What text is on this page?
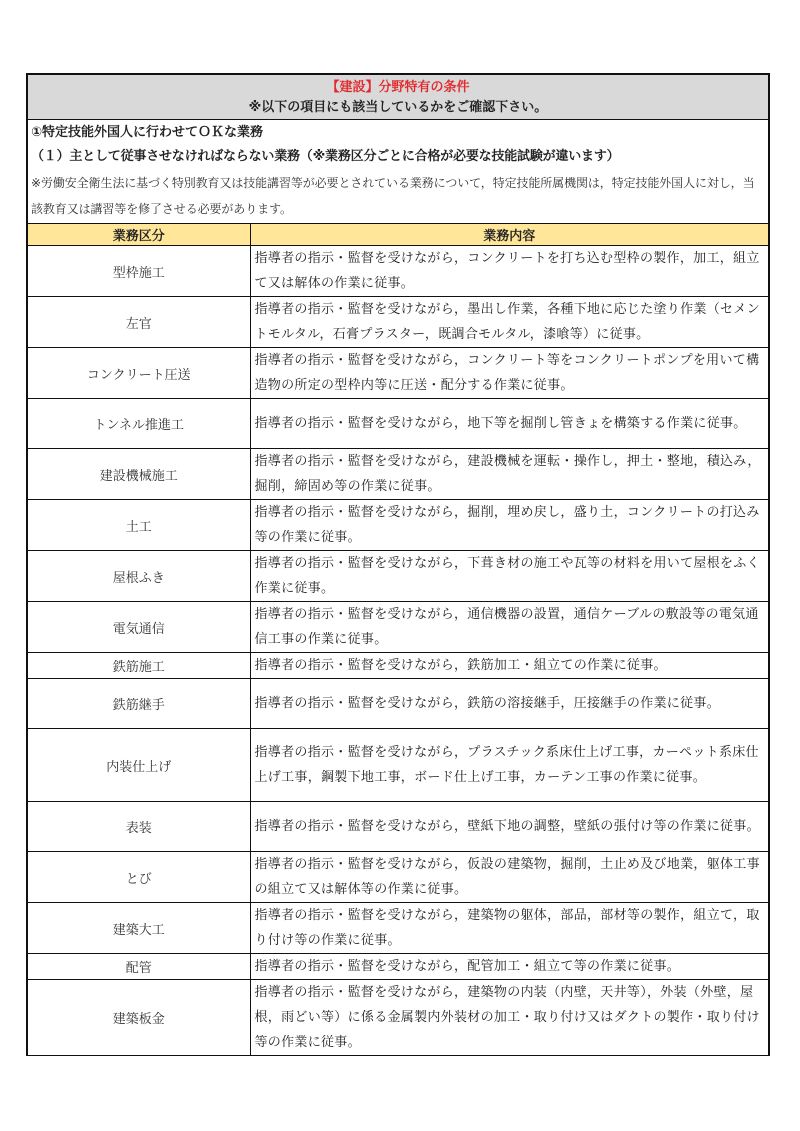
【建設】分野特有の条件
※以下の項目にも該当しているかをご確認下さい。
①特定技能外国人に行わせてＯＫな業務
（１）主として従事させなければならない業務（※業務区分ごとに合格が必要な技能試験が違います）
※労働安全衛生法に基づく特別教育又は技能講習等が必要とされている業務について，特定技能所属機関は，特定技能外国人に対し，当該教育又は講習等を修了させる必要があります。
業務区分	業務内容
型枠施工	指導者の指示・監督を受けながら，コンクリートを打ち込む型枠の製作，加工，組立て又は解体の作業に従事。
左官	指導者の指示・監督を受けながら，墨出し作業，各種下地に応じた塗り作業（セメントモルタル，石膏プラスター，既調合モルタル，漆喰等）に従事。
コンクリート圧送	指導者の指示・監督を受けながら，コンクリート等をコンクリートポンプを用いて構造物の所定の型枠内等に圧送・配分する作業に従事。
トンネル推進工	指導者の指示・監督を受けながら，地下等を掘削し管きょを構築する作業に従事。
建設機械施工	指導者の指示・監督を受けながら，建設機械を運転・操作し，押土・整地，積込み，掘削，締固め等の作業に従事。
土工	指導者の指示・監督を受けながら，掘削，埋め戻し，盛り土，コンクリートの打込み等の作業に従事。
屋根ふき	指導者の指示・監督を受けながら，下葺き材の施工や瓦等の材料を用いて屋根をふく作業に従事。
電気通信	指導者の指示・監督を受けながら，通信機器の設置，通信ケーブルの敷設等の電気通信工事の作業に従事。
鉄筋施工	指導者の指示・監督を受けながら，鉄筋加工・組立ての作業に従事。
鉄筋継手	指導者の指示・監督を受けながら，鉄筋の溶接継手，圧接継手の作業に従事。
内装仕上げ	指導者の指示・監督を受けながら，プラスチック系床仕上げ工事，カーペット系床仕上げ工事，鋼製下地工事，ボード仕上げ工事，カーテン工事の作業に従事。
表装	指導者の指示・監督を受けながら，壁紙下地の調整，壁紙の張付け等の作業に従事。
とび	指導者の指示・監督を受けながら，仮設の建築物，掘削，土止め及び地業，躯体工事の組立て又は解体等の作業に従事。
建築大工	指導者の指示・監督を受けながら，建築物の躯体，部品，部材等の製作，組立て，取り付け等の作業に従事。
配管	指導者の指示・監督を受けながら，配管加工・組立て等の作業に従事。
建築板金	指導者の指示・監督を受けながら，建築物の内装（内壁，天井等），外装（外壁，屋根，雨どい等）に係る金属製内外装材の加工・取り付け又はダクトの製作・取り付け等の作業に従事。
